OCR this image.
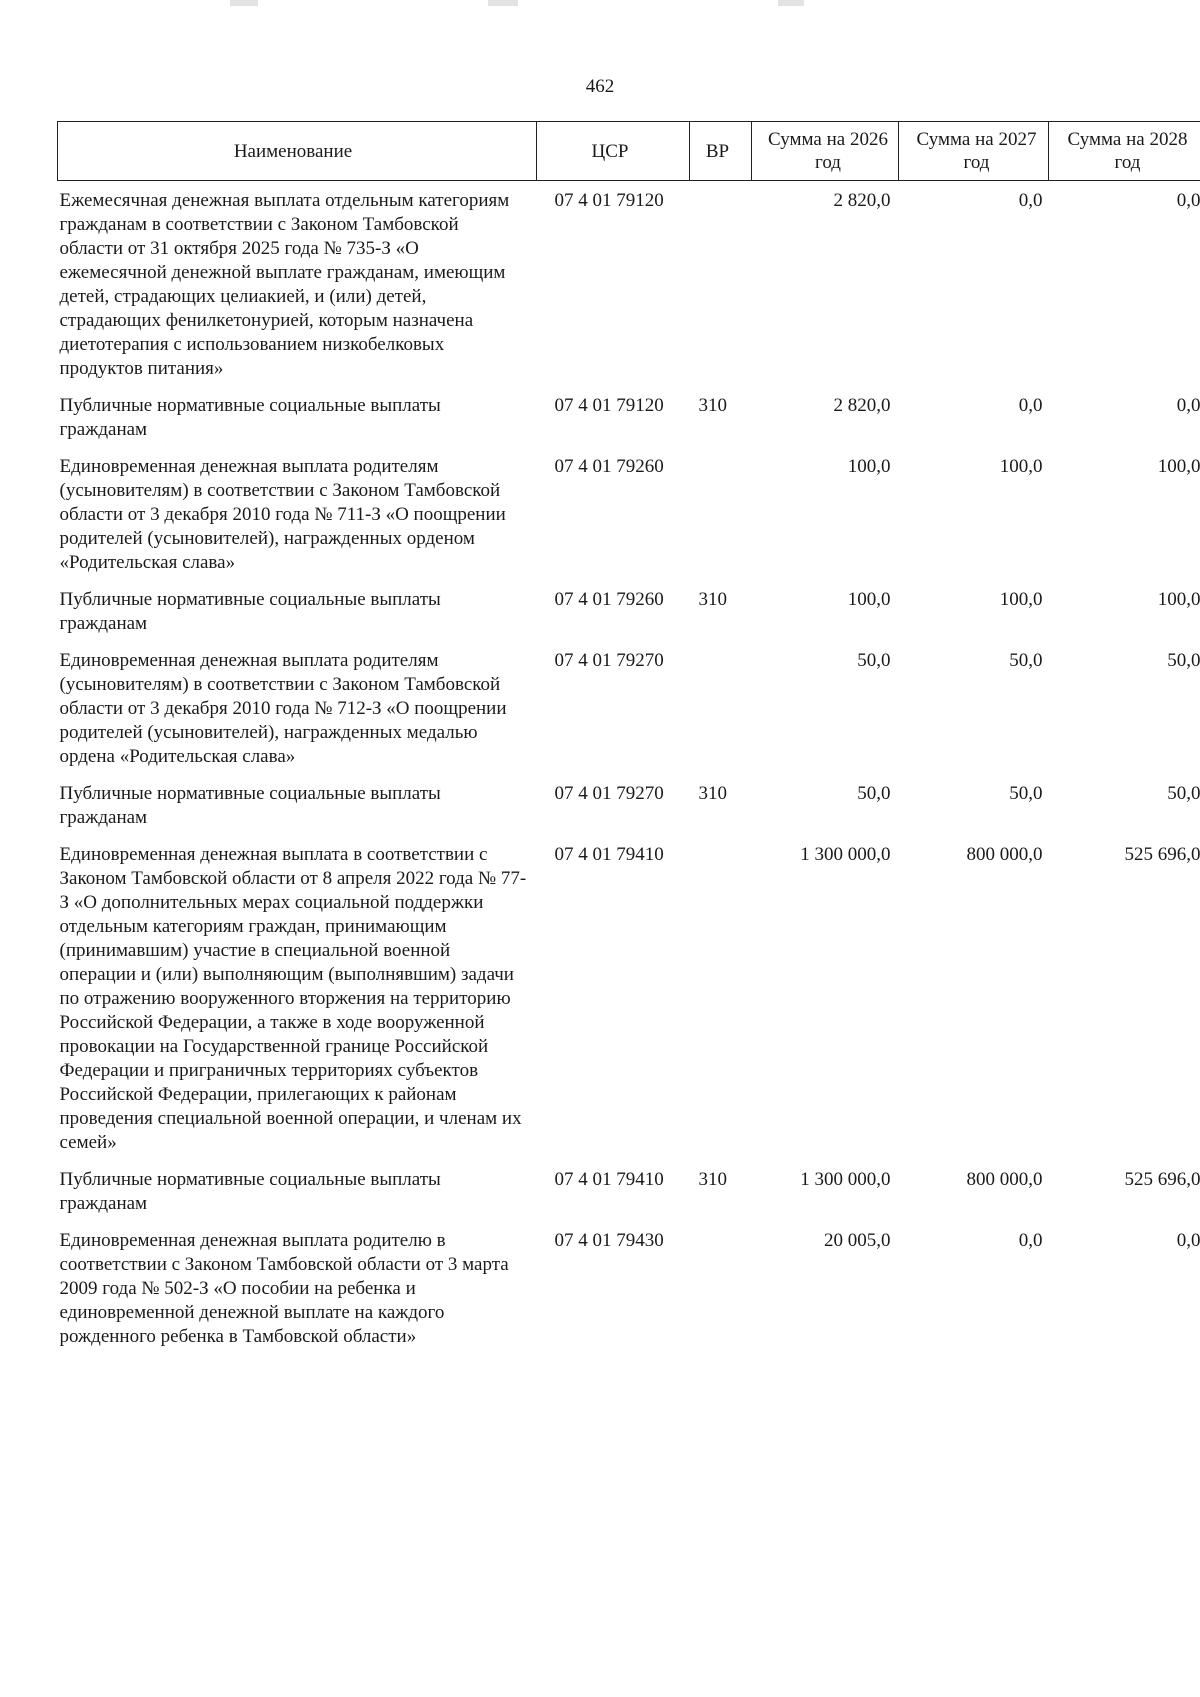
462
Наименование	ЦСР	ВР	Сумма на 2026 год	Сумма на 2027 год	Сумма на 2028 год
Ежемесячная денежная выплата отдельным категориям гражданам в соответствии с Законом Тамбовской области от 31 октября 2025 года № 735-З «О ежемесячной денежной выплате гражданам, имеющим детей, страдающих целиакией, и (или) детей, страдающих фенилкетонурией, которым назначена диетотерапия с использованием низкобелковых продуктов питания»	07 4 01 79120		2 820,0	0,0	0,0
Публичные нормативные социальные выплаты гражданам	07 4 01 79120	310	2 820,0	0,0	0,0
Единовременная денежная выплата родителям (усыновителям) в соответствии с Законом Тамбовской области от 3 декабря 2010 года № 711-З «О поощрении родителей (усыновителей), награжденных орденом «Родительская слава»	07 4 01 79260		100,0	100,0	100,0
Публичные нормативные социальные выплаты гражданам	07 4 01 79260	310	100,0	100,0	100,0
Единовременная денежная выплата родителям (усыновителям) в соответствии с Законом Тамбовской области от 3 декабря 2010 года № 712-З «О поощрении родителей (усыновителей), награжденных медалью ордена «Родительская слава»	07 4 01 79270		50,0	50,0	50,0
Публичные нормативные социальные выплаты гражданам	07 4 01 79270	310	50,0	50,0	50,0
Единовременная денежная выплата в соответствии с Законом Тамбовской области от 8 апреля 2022 года № 77-З «О дополнительных мерах социальной поддержки отдельным категориям граждан, принимающим (принимавшим) участие в специальной военной операции и (или) выполняющим (выполнявшим) задачи по отражению вооруженного вторжения на территорию Российской Федерации, а также в ходе вооруженной провокации на Государственной границе Российской Федерации и приграничных территориях субъектов Российской Федерации, прилегающих к районам проведения специальной военной операции, и членам их семей»	07 4 01 79410		1 300 000,0	800 000,0	525 696,0
Публичные нормативные социальные выплаты гражданам	07 4 01 79410	310	1 300 000,0	800 000,0	525 696,0
Единовременная денежная выплата родителю в соответствии с Законом Тамбовской области от 3 марта 2009 года № 502-З «О пособии на ребенка и единовременной денежной выплате на каждого рожденного ребенка в Тамбовской области»	07 4 01 79430		20 005,0	0,0	0,0
